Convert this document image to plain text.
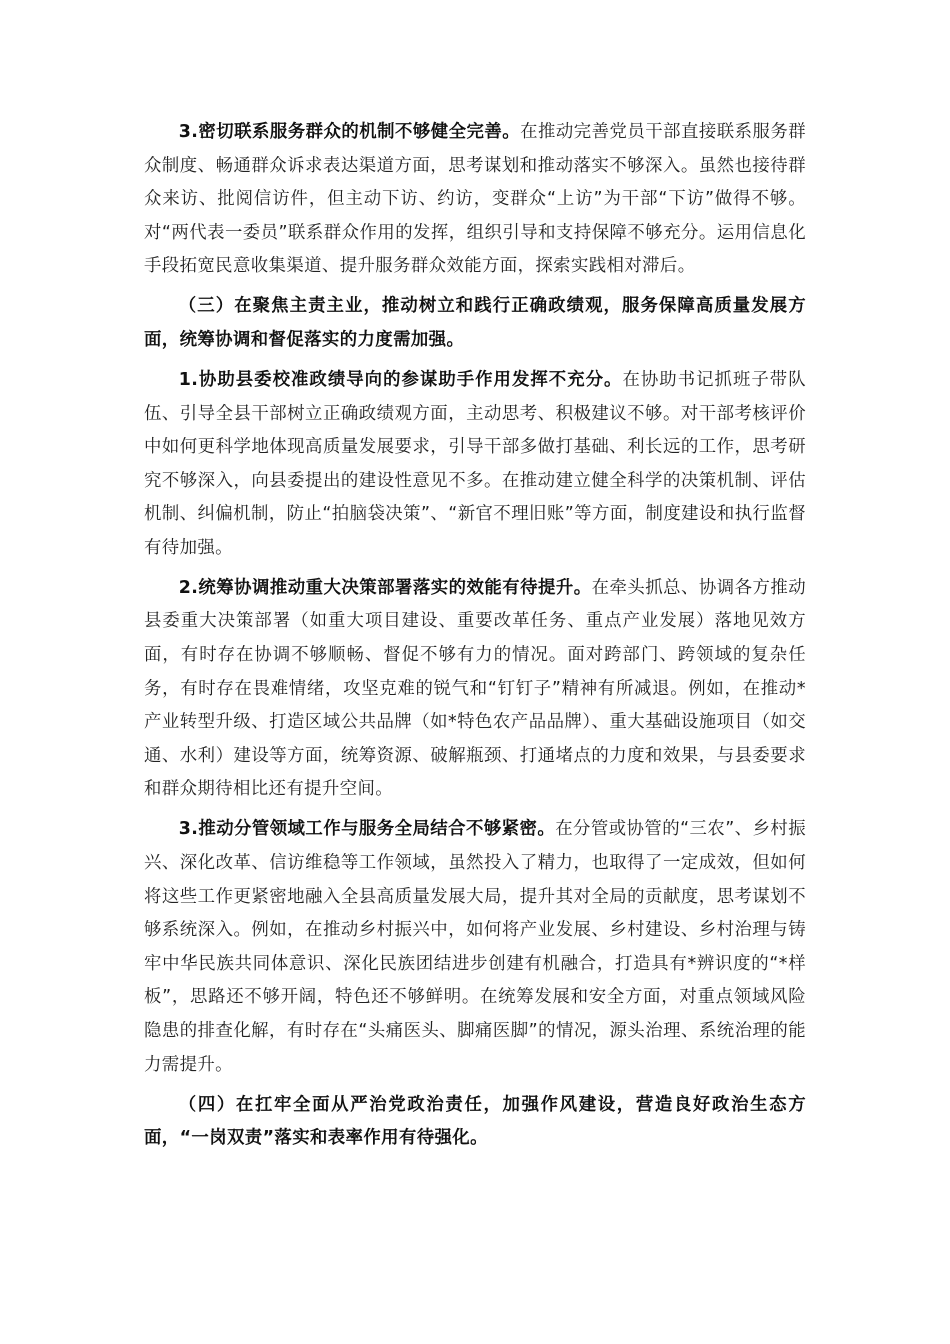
3.密切联系服务群众的机制不够健全完善。在推动完善党员干部直接联系服务群众制度、畅通群众诉求表达渠道方面，思考谋划和推动落实不够深入。虽然也接待群众来访、批阅信访件，但主动下访、约访，变群众“上访”为干部“下访”做得不够。对“两代表一委员”联系群众作用的发挥，组织引导和支持保障不够充分。运用信息化手段拓宽民意收集渠道、提升服务群众效能方面，探索实践相对滞后。

（三）在聚焦主责主业，推动树立和践行正确政绩观，服务保障高质量发展方面，统筹协调和督促落实的力度需加强。

1.协助县委校准政绩导向的参谋助手作用发挥不充分。在协助书记抓班子带队伍、引导全县干部树立正确政绩观方面，主动思考、积极建议不够。对干部考核评价中如何更科学地体现高质量发展要求，引导干部多做打基础、利长远的工作，思考研究不够深入，向县委提出的建设性意见不多。在推动建立健全科学的决策机制、评估机制、纠偏机制，防止“拍脑袋决策”、“新官不理旧账”等方面，制度建设和执行监督有待加强。

2.统筹协调推动重大决策部署落实的效能有待提升。在牵头抓总、协调各方推动县委重大决策部署（如重大项目建设、重要改革任务、重点产业发展）落地见效方面，有时存在协调不够顺畅、督促不够有力的情况。面对跨部门、跨领域的复杂任务，有时存在畏难情绪，攻坚克难的锐气和“钉钉子”精神有所减退。例如，在推动*产业转型升级、打造区域公共品牌（如*特色农产品品牌）、重大基础设施项目（如交通、水利）建设等方面，统筹资源、破解瓶颈、打通堵点的力度和效果，与县委要求和群众期待相比还有提升空间。

3.推动分管领域工作与服务全局结合不够紧密。在分管或协管的“三农”、乡村振兴、深化改革、信访维稳等工作领域，虽然投入了精力，也取得了一定成效，但如何将这些工作更紧密地融入全县高质量发展大局，提升其对全局的贡献度，思考谋划不够系统深入。例如，在推动乡村振兴中，如何将产业发展、乡村建设、乡村治理与铸牢中华民族共同体意识、深化民族团结进步创建有机融合，打造具有*辨识度的“*样板”，思路还不够开阔，特色还不够鲜明。在统筹发展和安全方面，对重点领域风险隐患的排查化解，有时存在“头痛医头、脚痛医脚”的情况，源头治理、系统治理的能力需提升。

（四）在扛牢全面从严治党政治责任，加强作风建设，营造良好政治生态方面，“一岗双责”落实和表率作用有待强化。
